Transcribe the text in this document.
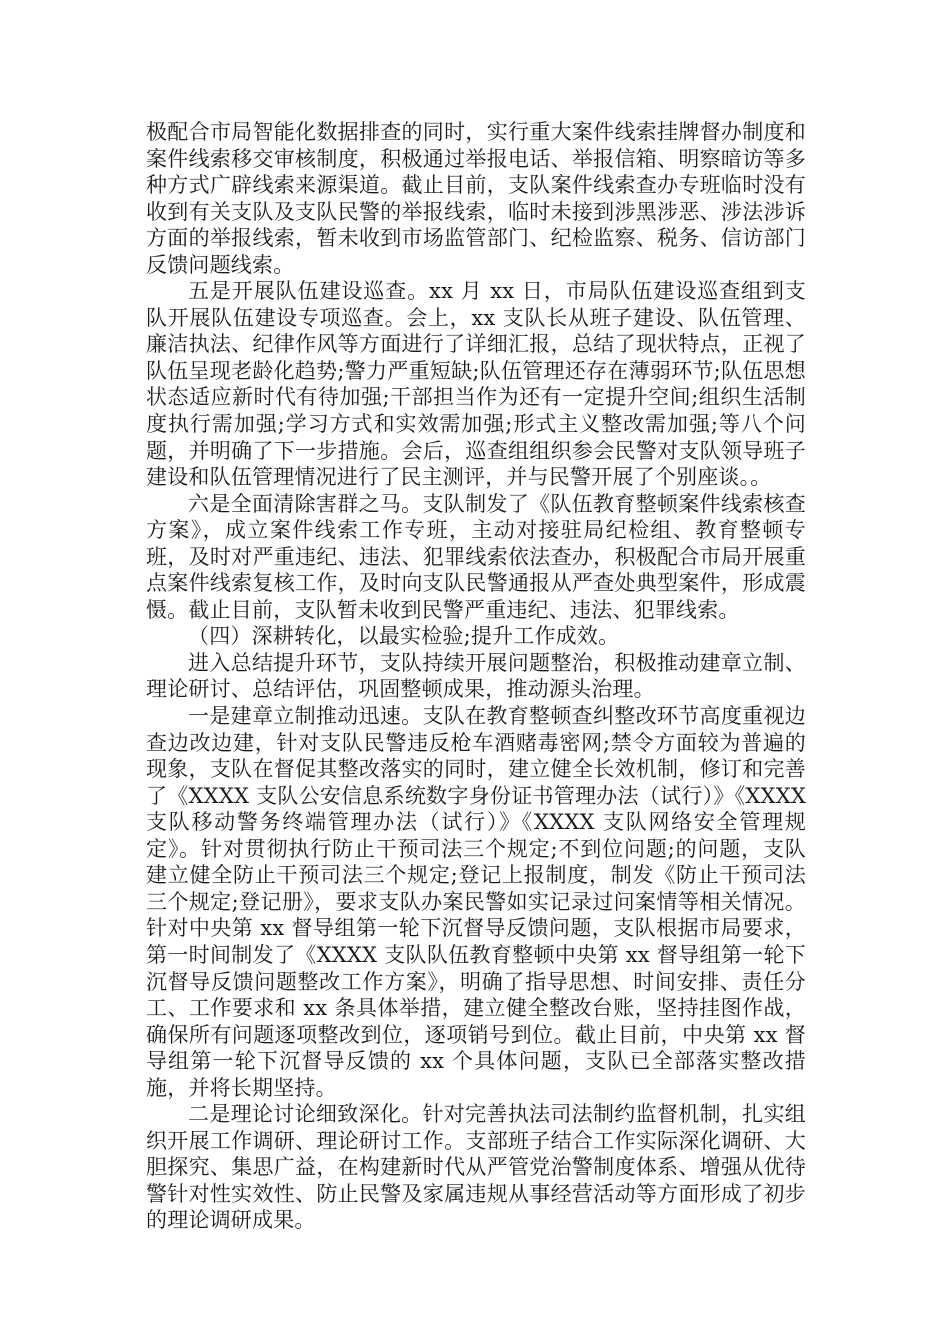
极配合市局智能化数据排查的同时，实行重大案件线索挂牌督办制度和案件线索移交审核制度，积极通过举报电话、举报信箱、明察暗访等多种方式广辟线索来源渠道。截止目前，支队案件线索查办专班临时没有收到有关支队及支队民警的举报线索，临时未接到涉黑涉恶、涉法涉诉方面的举报线索，暂未收到市场监管部门、纪检监察、税务、信访部门反馈问题线索。

五是开展队伍建设巡查。xx 月 xx 日，市局队伍建设巡查组到支队开展队伍建设专项巡查。会上，xx 支队长从班子建设、队伍管理、廉洁执法、纪律作风等方面进行了详细汇报，总结了现状特点，正视了队伍呈现老龄化趋势;警力严重短缺;队伍管理还存在薄弱环节;队伍思想状态适应新时代有待加强;干部担当作为还有一定提升空间;组织生活制度执行需加强;学习方式和实效需加强;形式主义整改需加强;等八个问题，并明确了下一步措施。会后，巡查组组织参会民警对支队领导班子建设和队伍管理情况进行了民主测评，并与民警开展了个别座谈。。

六是全面清除害群之马。支队制发了《队伍教育整顿案件线索核查方案》，成立案件线索工作专班，主动对接驻局纪检组、教育整顿专班，及时对严重违纪、违法、犯罪线索依法查办，积极配合市局开展重点案件线索复核工作，及时向支队民警通报从严查处典型案件，形成震慑。截止目前，支队暂未收到民警严重违纪、违法、犯罪线索。

（四）深耕转化，以最实检验;提升工作成效。

进入总结提升环节，支队持续开展问题整治，积极推动建章立制、理论研讨、总结评估，巩固整顿成果，推动源头治理。

一是建章立制推动迅速。支队在教育整顿查纠整改环节高度重视边查边改边建，针对支队民警违反枪车酒赌毒密网;禁令方面较为普遍的现象，支队在督促其整改落实的同时，建立健全长效机制，修订和完善了《XXXX 支队公安信息系统数字身份证书管理办法（试行）》《XXXX 支队移动警务终端管理办法（试行）》《XXXX 支队网络安全管理规定》。针对贯彻执行防止干预司法三个规定;不到位问题;的问题，支队建立健全防止干预司法三个规定;登记上报制度，制发《防止干预司法三个规定;登记册》，要求支队办案民警如实记录过问案情等相关情况。针对中央第 xx 督导组第一轮下沉督导反馈问题，支队根据市局要求，第一时间制发了《XXXX 支队队伍教育整顿中央第 xx 督导组第一轮下沉督导反馈问题整改工作方案》，明确了指导思想、时间安排、责任分工、工作要求和 xx 条具体举措，建立健全整改台账，坚持挂图作战，确保所有问题逐项整改到位，逐项销号到位。截止目前，中央第 xx 督导组第一轮下沉督导反馈的 xx 个具体问题，支队已全部落实整改措施，并将长期坚持。

二是理论讨论细致深化。针对完善执法司法制约监督机制，扎实组织开展工作调研、理论研讨工作。支部班子结合工作实际深化调研、大胆探究、集思广益，在构建新时代从严管党治警制度体系、增强从优待警针对性实效性、防止民警及家属违规从事经营活动等方面形成了初步的理论调研成果。
